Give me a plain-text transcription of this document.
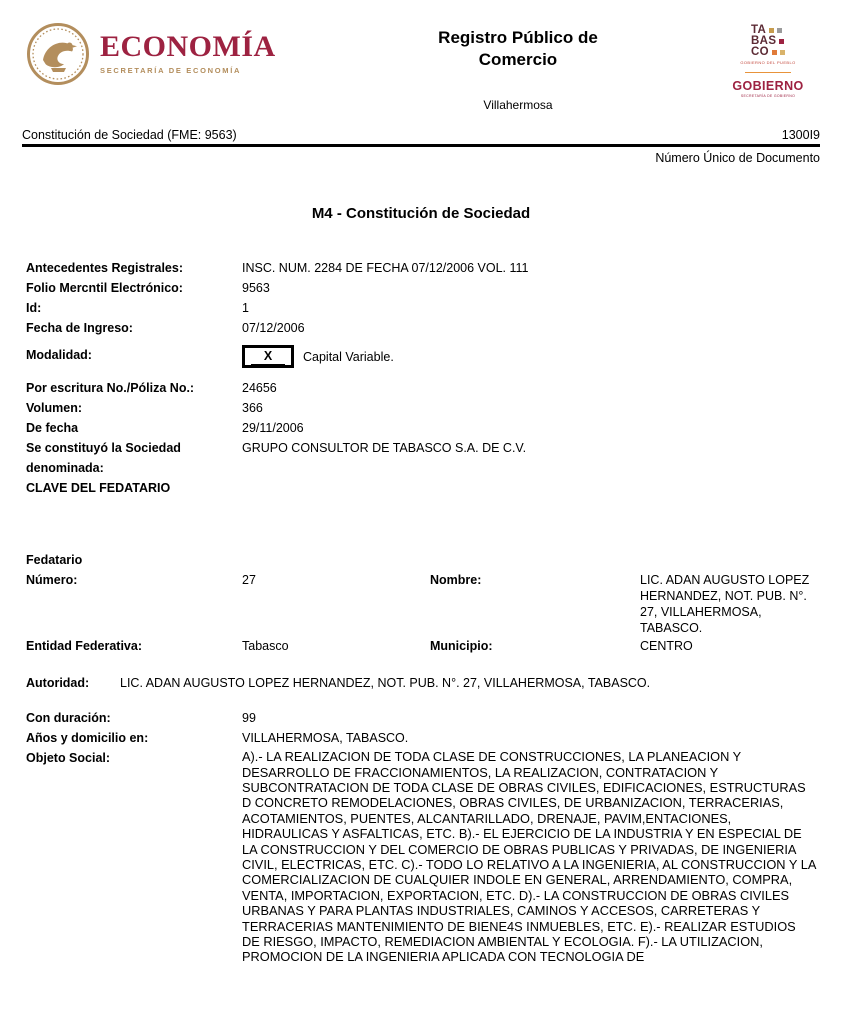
ECONOMÍA
SECRETARÍA DE ECONOMÍA
Registro Público de Comercio
Villahermosa
TA
BAS
CO
GOBIERNO DEL PUEBLO
GOBIERNO
SECRETARÍA DE GOBIERNO
Constitución de Sociedad (FME: 9563)	1300I9
Número Único de Documento
M4 - Constitución de Sociedad
Antecedentes Registrales:	INSC. NUM. 2284 DE FECHA 07/12/2006 VOL. 111
Folio Mercntil Electrónico:	9563
Id:	1
Fecha de Ingreso:	07/12/2006
Modalidad:	X	Capital Variable.
Por escritura No./Póliza No.:	24656
Volumen:	366
De fecha	29/11/2006
Se constituyó la Sociedad denominada:
GRUPO CONSULTOR DE TABASCO S.A. DE C.V.
CLAVE DEL FEDATARIO
Fedatario
Número:	27	Nombre:	LIC. ADAN AUGUSTO LOPEZ HERNANDEZ, NOT. PUB. N°. 27, VILLAHERMOSA, TABASCO.
Entidad Federativa:	Tabasco	Municipio:	CENTRO
Autoridad:	LIC. ADAN AUGUSTO LOPEZ HERNANDEZ, NOT. PUB. N°. 27, VILLAHERMOSA, TABASCO.
Con duración:	99
Años y domicilio en:	VILLAHERMOSA, TABASCO.
Objeto Social:	A).- LA REALIZACION DE TODA CLASE DE CONSTRUCCIONES, LA PLANEACION Y DESARROLLO DE FRACCIONAMIENTOS, LA REALIZACION, CONTRATACION Y SUBCONTRATACION DE TODA CLASE DE OBRAS CIVILES, EDIFICACIONES, ESTRUCTURAS D CONCRETO REMODELACIONES, OBRAS CIVILES, DE URBANIZACION, TERRACERIAS, ACOTAMIENTOS, PUENTES, ALCANTARILLADO, DRENAJE, PAVIM,ENTACIONES, HIDRAULICAS Y ASFALTICAS, ETC. B).- EL EJERCICIO DE LA INDUSTRIA Y EN ESPECIAL DE LA CONSTRUCCION Y DEL COMERCIO DE OBRAS PUBLICAS Y PRIVADAS, DE INGENIERIA CIVIL, ELECTRICAS, ETC. C).- TODO LO RELATIVO A LA INGENIERIA, AL CONSTRUCCION Y LA COMERCIALIZACION DE CUALQUIER INDOLE EN GENERAL, ARRENDAMIENTO, COMPRA, VENTA, IMPORTACION, EXPORTACION, ETC. D).- LA CONSTRUCCION DE OBRAS CIVILES URBANAS Y PARA PLANTAS INDUSTRIALES, CAMINOS Y ACCESOS, CARRETERAS Y TERRACERIAS MANTENIMIENTO DE BIENE4S INMUEBLES, ETC. E).- REALIZAR ESTUDIOS DE RIESGO, IMPACTO, REMEDIACION AMBIENTAL Y ECOLOGIA. F).- LA UTILIZACION, PROMOCION DE LA INGENIERIA APLICADA CON TECNOLOGIA DE
